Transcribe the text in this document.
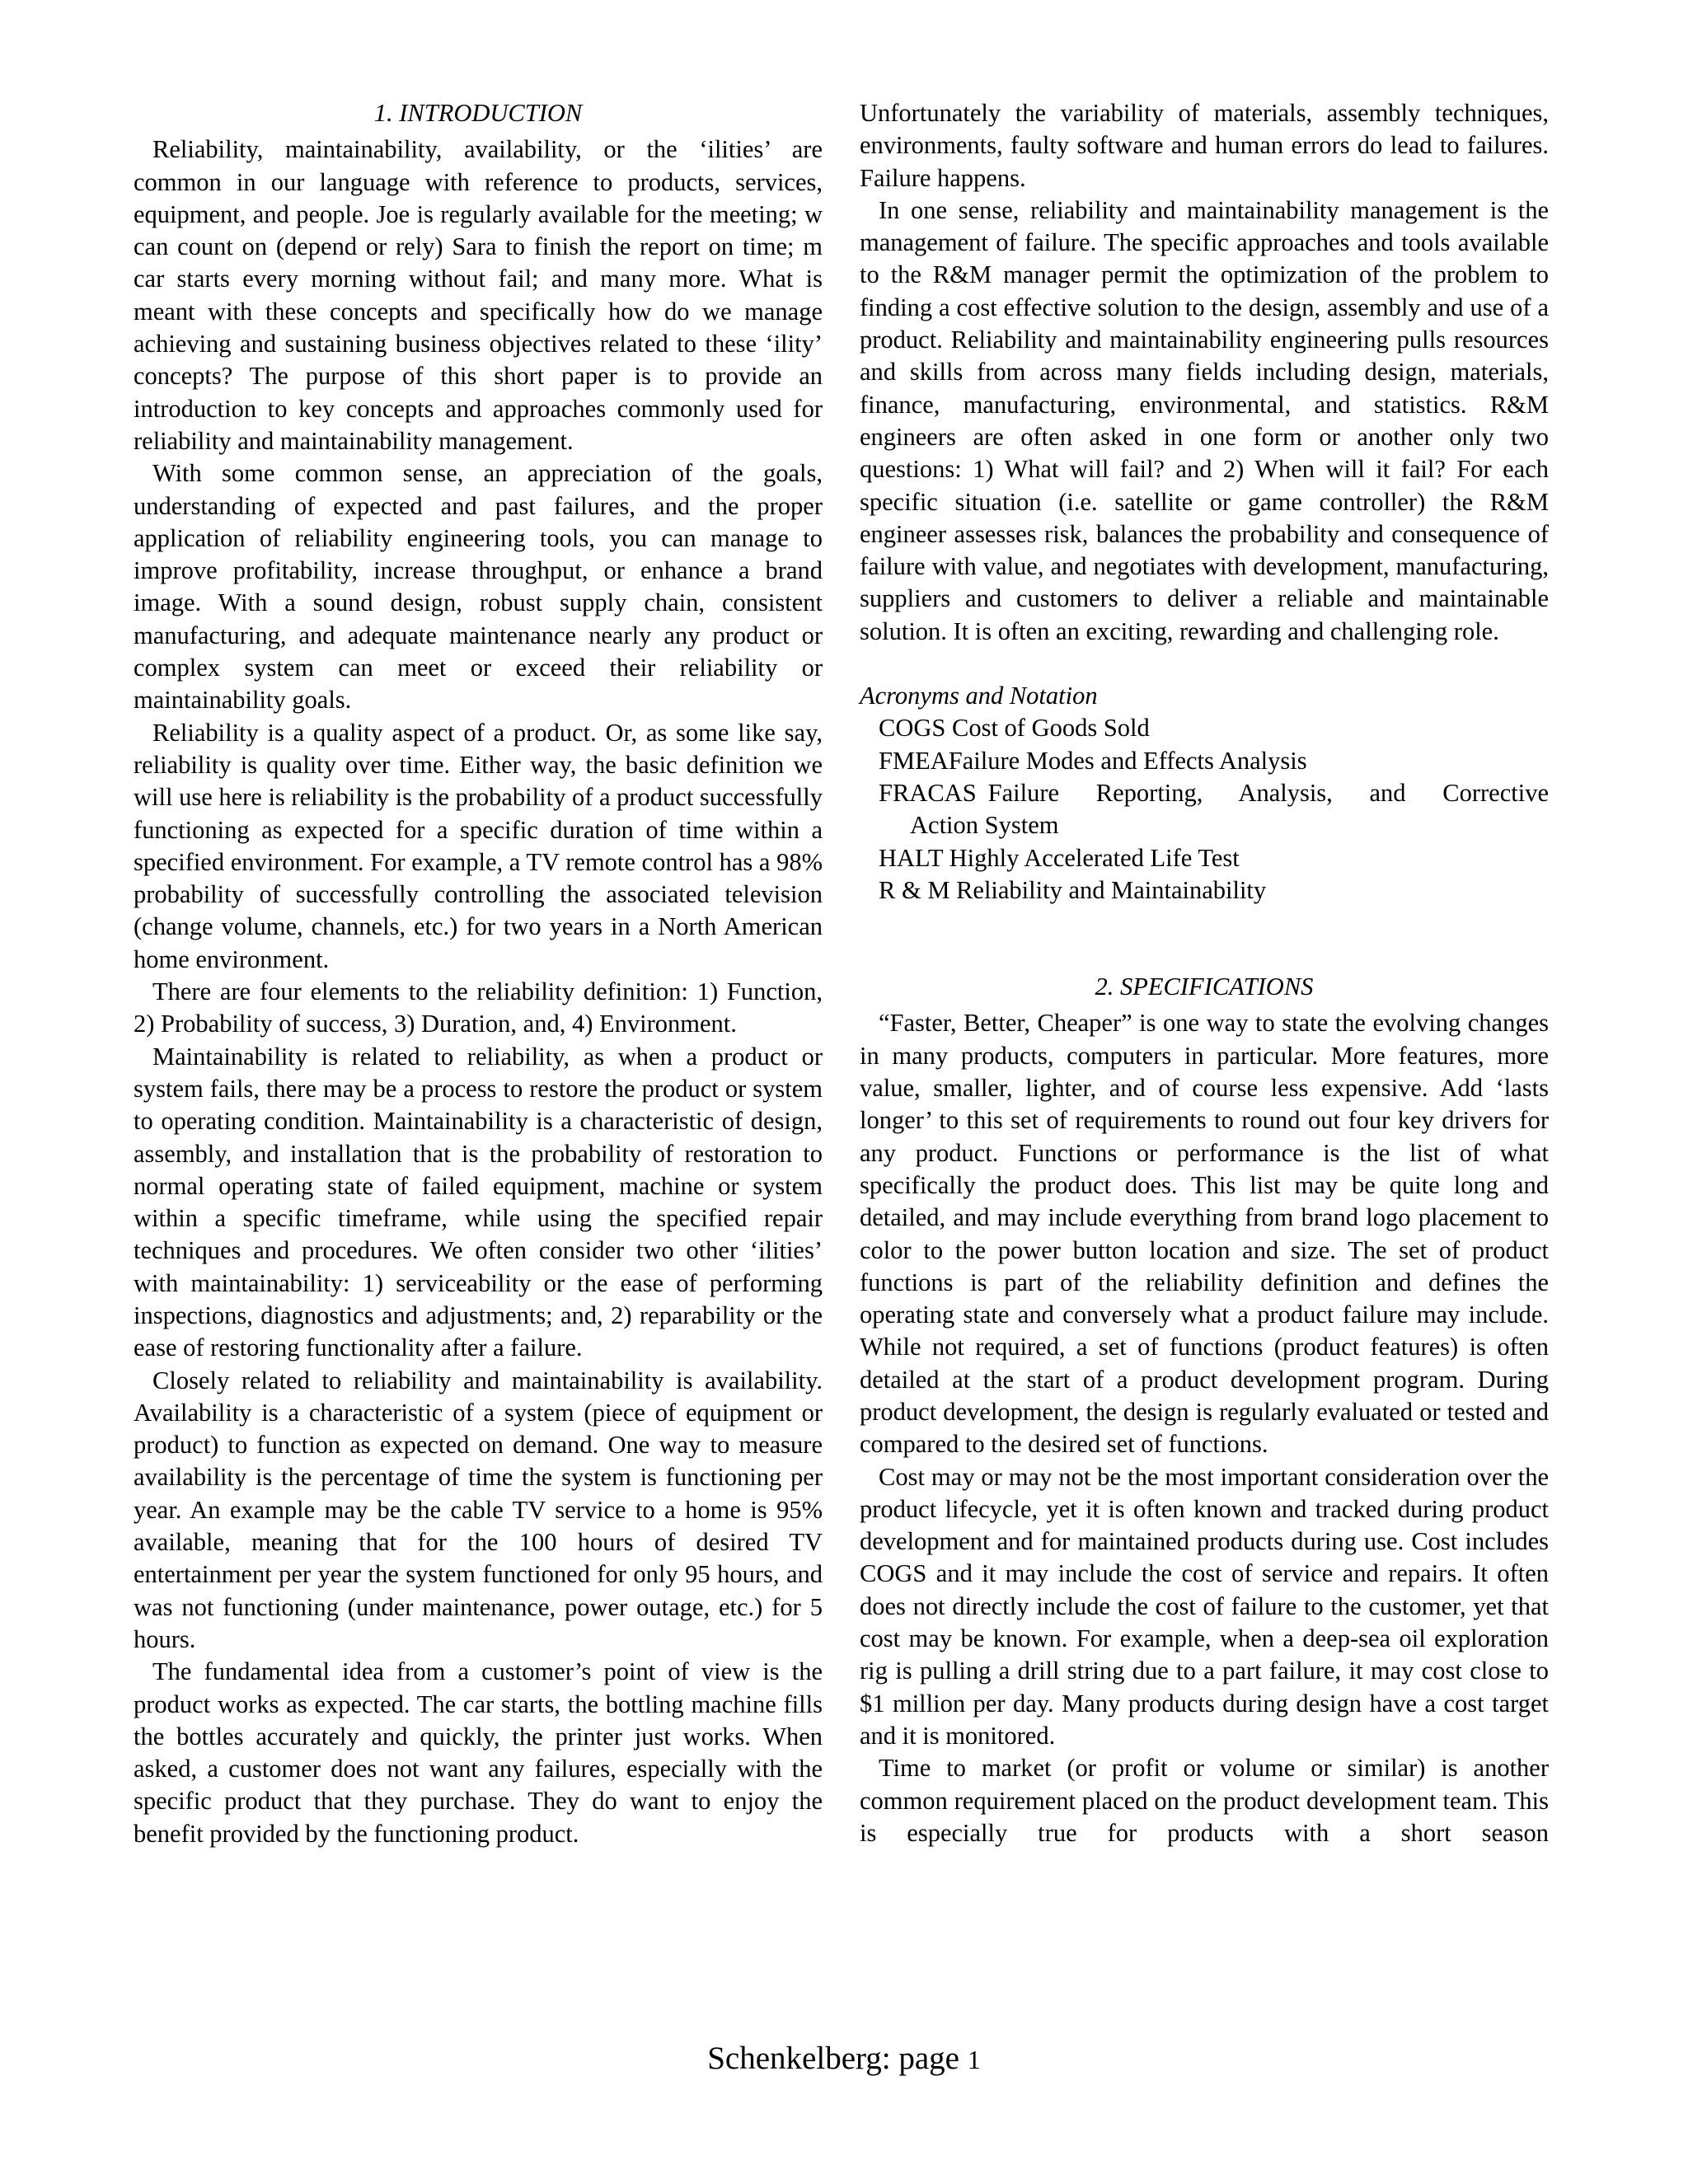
1. INTRODUCTION

Reliability, maintainability, availability, or the ‘ilities’ are common in our language with reference to products, services, equipment, and people. Joe is regularly available for the meeting; w can count on (depend or rely) Sara to finish the report on time; m car starts every morning without fail; and many more. What is meant with these concepts and specifically how do we manage achieving and sustaining business objectives related to these ‘ility’ concepts? The purpose of this short paper is to provide an introduction to key concepts and approaches commonly used for reliability and maintainability management.

With some common sense, an appreciation of the goals, understanding of expected and past failures, and the proper application of reliability engineering tools, you can manage to improve profitability, increase throughput, or enhance a brand image. With a sound design, robust supply chain, consistent manufacturing, and adequate maintenance nearly any product or complex system can meet or exceed their reliability or maintainability goals.

Reliability is a quality aspect of a product. Or, as some like say, reliability is quality over time. Either way, the basic definition we will use here is reliability is the probability of a product successfully functioning as expected for a specific duration of time within a specified environment. For example, a TV remote control has a 98% probability of successfully controlling the associated television (change volume, channels, etc.) for two years in a North American home environment.

There are four elements to the reliability definition: 1) Function, 2) Probability of success, 3) Duration, and, 4) Environment.

Maintainability is related to reliability, as when a product or system fails, there may be a process to restore the product or system to operating condition. Maintainability is a characteristic of design, assembly, and installation that is the probability of restoration to normal operating state of failed equipment, machine or system within a specific timeframe, while using the specified repair techniques and procedures. We often consider two other ‘ilities’ with maintainability: 1) serviceability or the ease of performing inspections, diagnostics and adjustments; and, 2) reparability or the ease of restoring functionality after a failure.

Closely related to reliability and maintainability is availability. Availability is a characteristic of a system (piece of equipment or product) to function as expected on demand. One way to measure availability is the percentage of time the system is functioning per year. An example may be the cable TV service to a home is 95% available, meaning that for the 100 hours of desired TV entertainment per year the system functioned for only 95 hours, and was not functioning (under maintenance, power outage, etc.) for 5 hours.

The fundamental idea from a customer’s point of view is the product works as expected. The car starts, the bottling machine fills the bottles accurately and quickly, the printer just works. When asked, a customer does not want any failures, especially with the specific product that they purchase. They do want to enjoy the benefit provided by the functioning product.

Unfortunately the variability of materials, assembly techniques, environments, faulty software and human errors do lead to failures. Failure happens.

In one sense, reliability and maintainability management is the management of failure. The specific approaches and tools available to the R&M manager permit the optimization of the problem to finding a cost effective solution to the design, assembly and use of a product. Reliability and maintainability engineering pulls resources and skills from across many fields including design, materials, finance, manufacturing, environmental, and statistics. R&M engineers are often asked in one form or another only two questions: 1) What will fail? and 2) When will it fail? For each specific situation (i.e. satellite or game controller) the R&M engineer assesses risk, balances the probability and consequence of failure with value, and negotiates with development, manufacturing, suppliers and customers to deliver a reliable and maintainable solution. It is often an exciting, rewarding and challenging role.

Acronyms and Notation
COGS Cost of Goods Sold
FMEAFailure Modes and Effects Analysis
FRACAS Failure Reporting, Analysis, and Corrective
Action System
HALT Highly Accelerated Life Test
R & M Reliability and Maintainability
2. SPECIFICATIONS

“Faster, Better, Cheaper” is one way to state the evolving changes in many products, computers in particular. More features, more value, smaller, lighter, and of course less expensive. Add ‘lasts longer’ to this set of requirements to round out four key drivers for any product. Functions or performance is the list of what specifically the product does. This list may be quite long and detailed, and may include everything from brand logo placement to color to the power button location and size. The set of product functions is part of the reliability definition and defines the operating state and conversely what a product failure may include. While not required, a set of functions (product features) is often detailed at the start of a product development program. During product development, the design is regularly evaluated or tested and compared to the desired set of functions.

Cost may or may not be the most important consideration over the product lifecycle, yet it is often known and tracked during product development and for maintained products during use. Cost includes COGS and it may include the cost of service and repairs. It often does not directly include the cost of failure to the customer, yet that cost may be known. For example, when a deep-sea oil exploration rig is pulling a drill string due to a part failure, it may cost close to $1 million per day. Many products during design have a cost target and it is monitored.

Time to market (or profit or volume or similar) is another common requirement placed on the product development team. This is especially true for products with a short season

Schenkelberg: page 1
